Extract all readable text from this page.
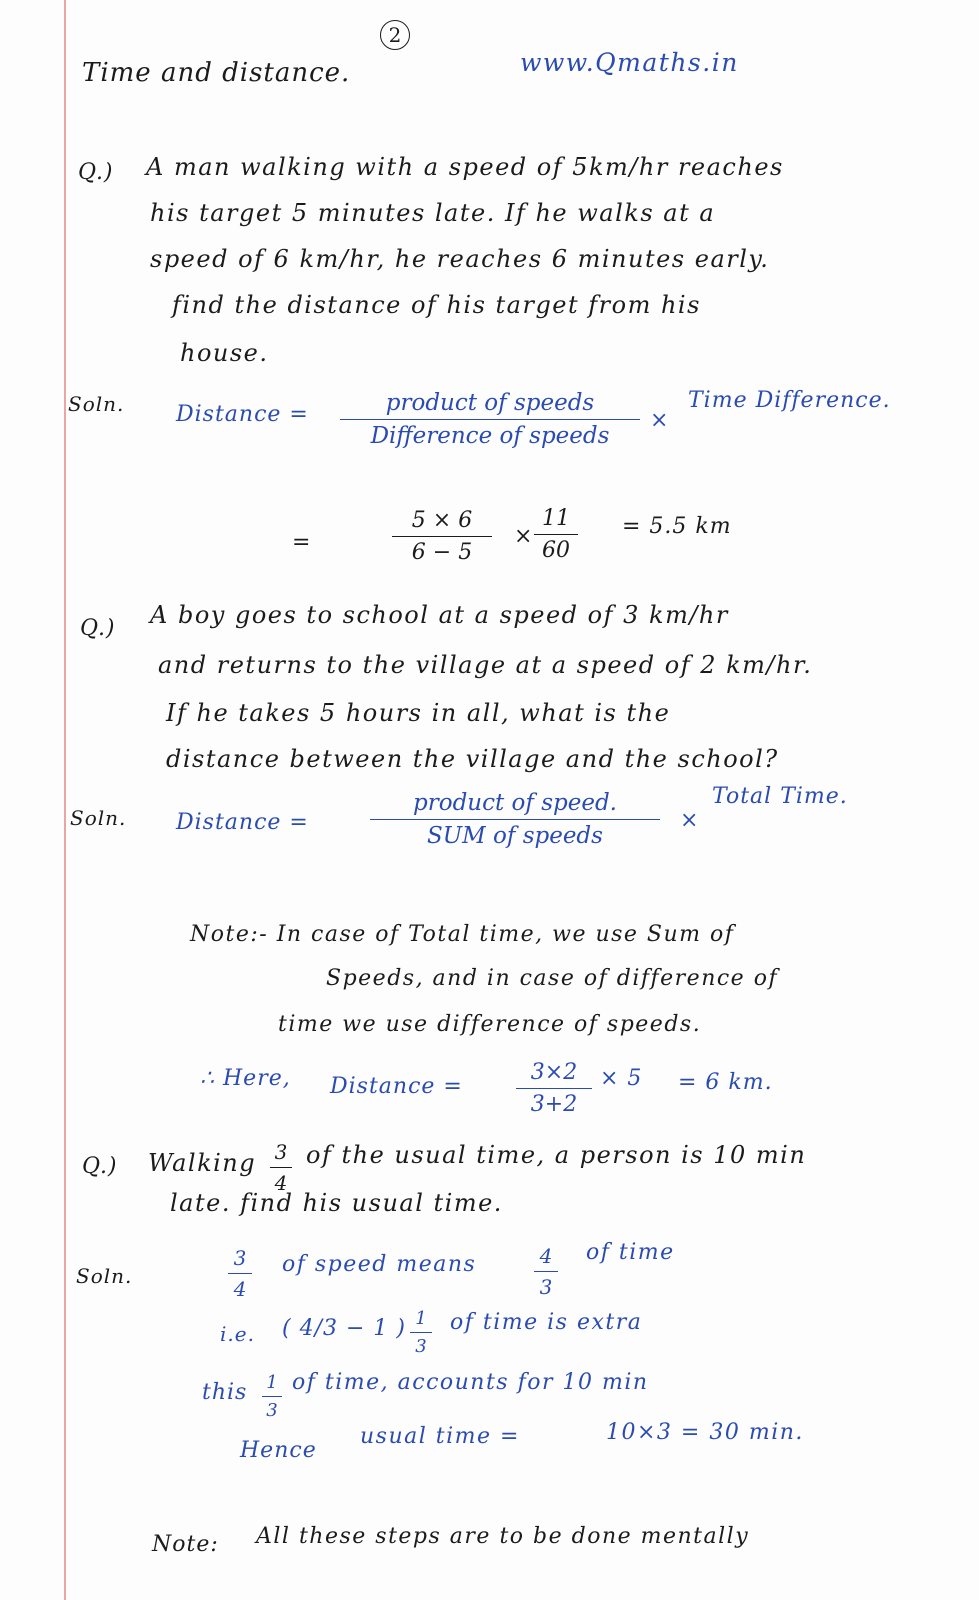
2
Time and distance.	www.Qmaths.in
Q.) A man walking with a speed of 5km/hr reaches
his target 5 minutes late. If he walks at a
speed of 6 km/hr, he reaches 6 minutes early.
find the distance of his target from his
house.
Soln. Distance =	product of speeds
Difference of speeds
×
Time Difference.
=
5 × 6
6 − 5
×
11
60
= 5.5 km
Q.) A boy goes to school at a speed of 3 km/hr
and returns to the village at a speed of 2 km/hr.
If he takes 5 hours in all, what is the
distance between the village and the school?
Soln. Distance =
product of speed.
SUM of speeds
×
Total Time.
Note:- In case of Total time, we use Sum of
Speeds, and in case of difference of
time we use difference of speeds.
∴ Here, Distance =
3×2
3+2
× 5 = 6 km.
Q.) Walking 3
4
of the usual time, a person is 10 min
late. find his usual time.
Soln.
3
4
of speed means	4
3
of time
i.e. ( 4/3 − 1 ) 1
3
of time is extra
this 1
3
of time, accounts for 10 min
Hence
usual time =	10×3 = 30 min.
Note: All these steps are to be done mentally
